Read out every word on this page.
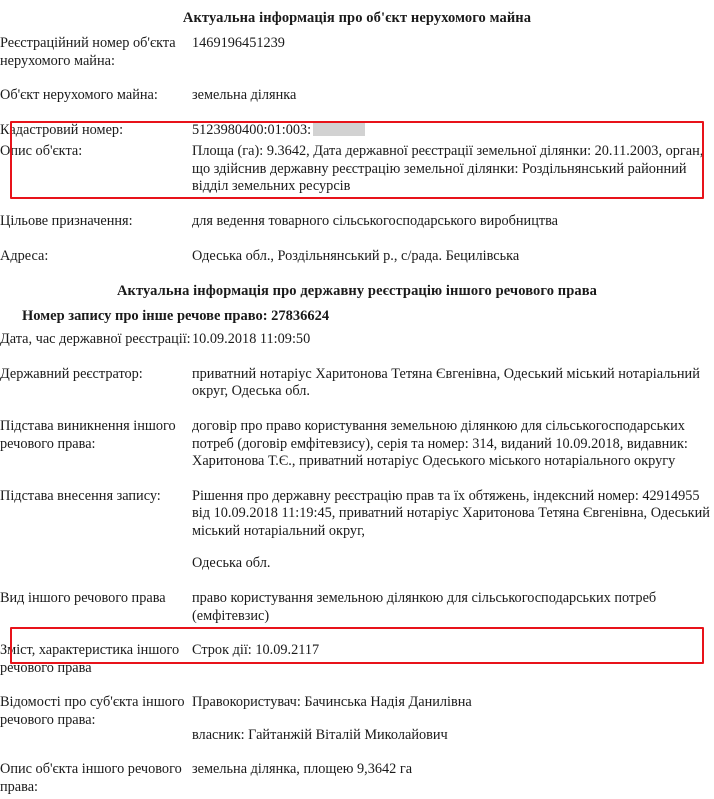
Актуальна інформація про об'єкт нерухомого майна
Реєстраційний номер об'єкта нерухомого майна:	1469196451239

Об'єкт нерухомого майна:	земельна ділянка

Кадастровий номер:	5123980400:01:003:
Опис об'єкта:	Площа (га): 9.3642, Дата державної реєстрації земельної ділянки: 20.11.2003, орган, що здійснив державну реєстрацію земельної ділянки: Роздільнянський районний відділ земельних ресурсів

Цільове призначення:	для ведення товарного сільськогосподарського виробництва

Адреса:	Одеська обл., Роздільнянський р., с/рада. Бецилівська
Актуальна інформація про державну реєстрацію іншого речового права
Номер запису про інше речове право: 27836624
Дата, час державної реєстрації:	10.09.2018 11:09:50

Державний реєстратор:	приватний нотаріус Харитонова Тетяна Євгенівна, Одеський міський нотаріальний округ, Одеська обл.

Підстава виникнення іншого речового права:	договір про право користування земельною ділянкою для сільськогосподарських потреб (договір емфітевзису), серія та номер: 314, виданий 10.09.2018, видавник: Харитонова Т.Є., приватний нотаріус Одеського міського нотаріального округу

Підстава внесення запису:	Рішення про державну реєстрацію прав та їх обтяжень, індексний номер: 42914955 від 10.09.2018 11:19:45, приватний нотаріус Харитонова Тетяна Євгенівна, Одеський міський нотаріальний округ,
Одеська обл.

Вид іншого речового права	право користування земельною ділянкою для сільськогосподарських потреб (емфітевзис)

Зміст, характеристика іншого речового права	Строк дії: 10.09.2117

Відомості про суб'єкта іншого речового права:	Правокористувач: Бачинська Надія Данилівна
власник: Гайтанжій Віталій Миколайович

Опис об'єкта іншого речового права:	земельна ділянка, площею 9,3642 га
